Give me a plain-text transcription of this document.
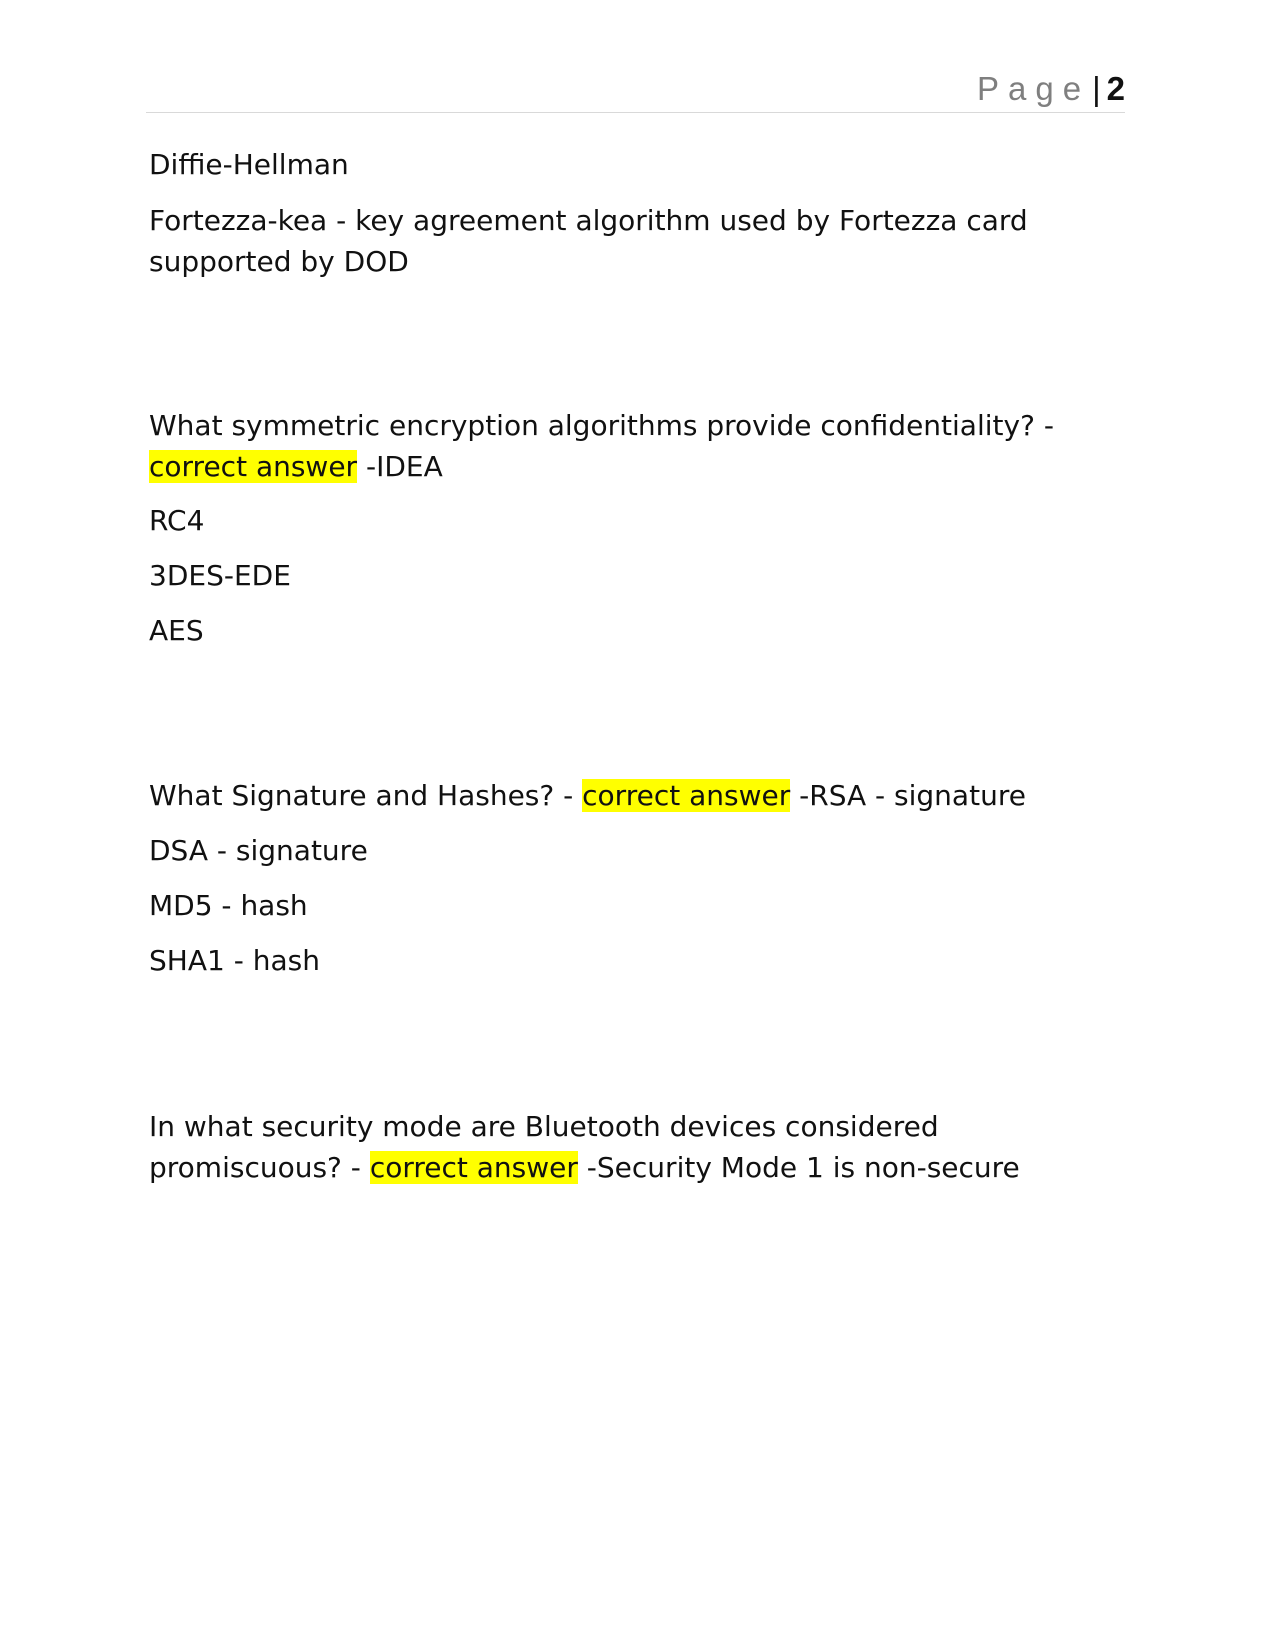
Page| 2

Diffie-Hellman

Fortezza-kea - key agreement algorithm used by Fortezza card

supported by DOD

What symmetric encryption algorithms provide confidentiality? -

correct answer -IDEA

RC4

3DES-EDE

AES

What Signature and Hashes? - correct answer -RSA - signature

DSA - signature

MD5 - hash

SHA1 - hash

In what security mode are Bluetooth devices considered

promiscuous? - correct answer -Security Mode 1 is non-secure
